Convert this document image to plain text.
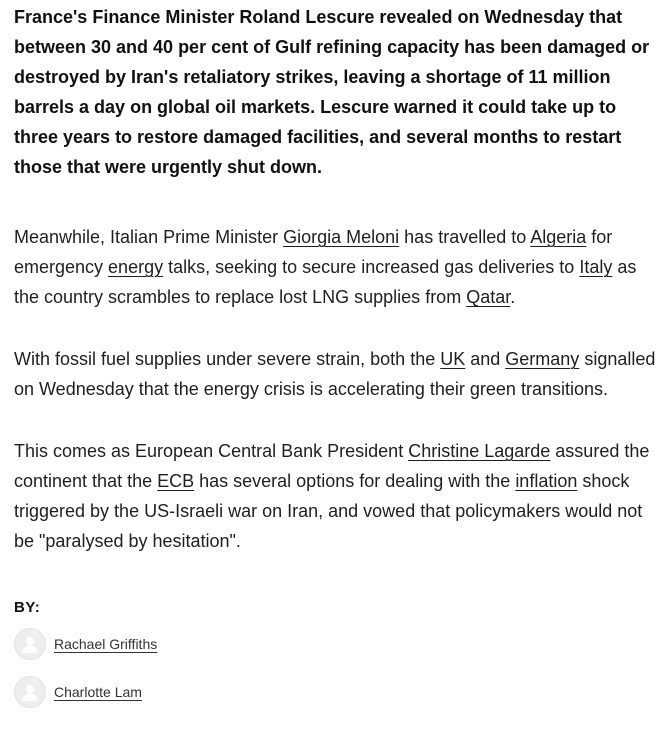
France's Finance Minister Roland Lescure revealed on Wednesday that between 30 and 40 per cent of Gulf refining capacity has been damaged or destroyed by Iran's retaliatory strikes, leaving a shortage of 11 million barrels a day on global oil markets. Lescure warned it could take up to three years to restore damaged facilities, and several months to restart those that were urgently shut down.

Meanwhile, Italian Prime Minister Giorgia Meloni has travelled to Algeria for emergency energy talks, seeking to secure increased gas deliveries to Italy as the country scrambles to replace lost LNG supplies from Qatar.

With fossil fuel supplies under severe strain, both the UK and Germany signalled on Wednesday that the energy crisis is accelerating their green transitions.

This comes as European Central Bank President Christine Lagarde assured the continent that the ECB has several options for dealing with the inflation shock triggered by the US-Israeli war on Iran, and vowed that policymakers would not be "paralysed by hesitation".

BY:
Rachael Griffiths
Charlotte Lam
